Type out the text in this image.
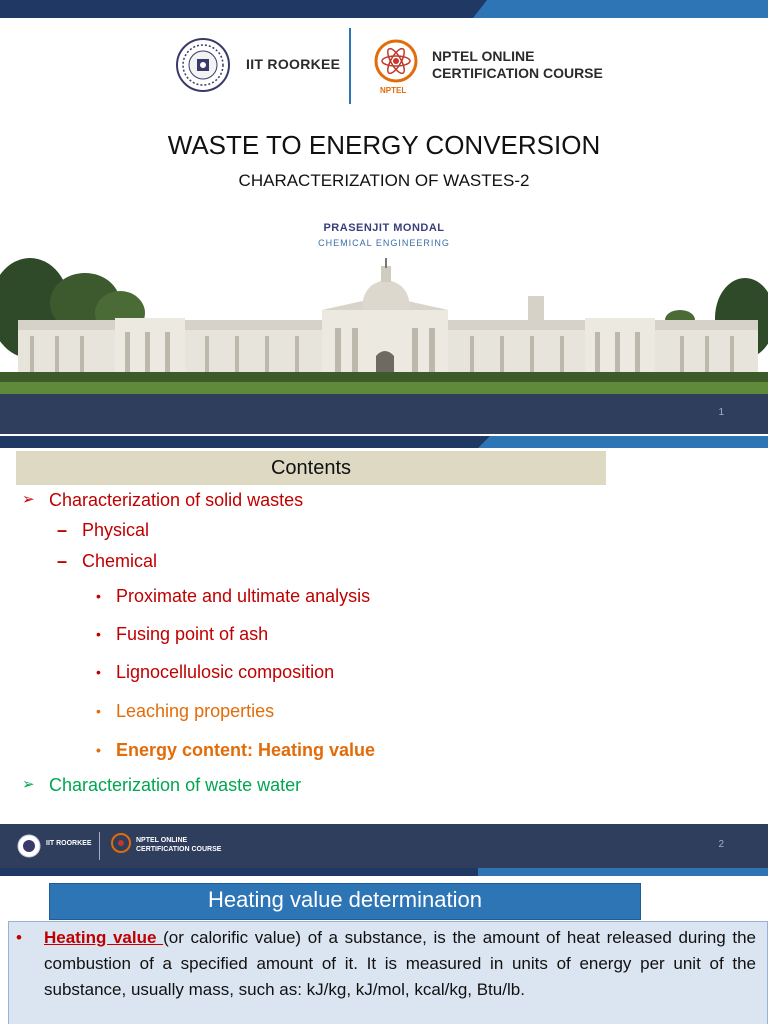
IIT ROORKEE
NPTEL
NPTEL ONLINE
CERTIFICATION COURSE
WASTE TO ENERGY CONVERSION
CHARACTERIZATION OF WASTES-2
PRASENJIT MONDAL
CHEMICAL ENGINEERING
1
Contents
➢ Characterization of solid wastes
– Physical
– Chemical
• Proximate and ultimate analysis
• Fusing point of ash
• Lignocellulosic composition
• Leaching properties
• Energy content: Heating value
➢ Characterization of waste water
IIT ROORKEE	NPTEL ONLINE
CERTIFICATION COURSE	2
Heating value determination
• Heating value (or calorific value) of a substance, is the amount of heat released during the combustion of a specified amount of it. It is measured in units of energy per unit of the substance, usually mass, such as: kJ/kg, kJ/mol, kcal/kg, Btu/lb.
